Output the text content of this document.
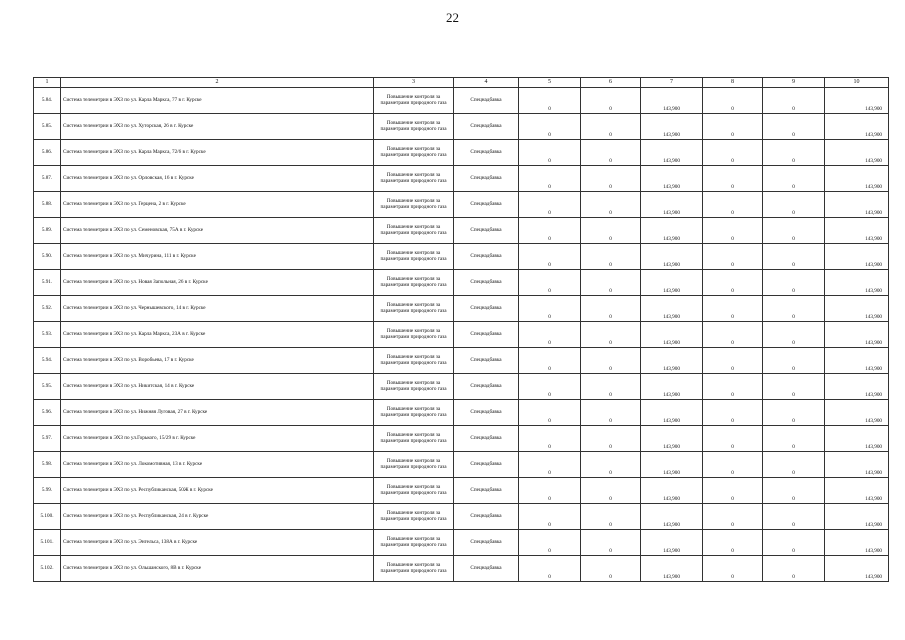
22
1	2	3	4	5	6	7	8	9	10
5.84.	Система телеметрии в ЭХЗ по ул. Карла Маркса, 77 в г. Курске	Повышение контроля за параметрами природного газа	Спецнадбавка	0	0	143,900	0	0	143,900
5.85.	Система телеметрии в ЭХЗ по ул. Хуторская, 26 в г. Курске	Повышение контроля за параметрами природного газа	Спецнадбавка	0	0	143,900	0	0	143,900
5.86.	Система телеметрии в ЭХЗ по ул. Карла Маркса, 72/6 в г. Курске	Повышение контроля за параметрами природного газа	Спецнадбавка	0	0	143,900	0	0	143,900
5.87.	Система телеметрии в ЭХЗ по ул. Орловская, 16 в г. Курске	Повышение контроля за параметрами природного газа	Спецнадбавка	0	0	143,900	0	0	143,900
5.88.	Система телеметрии в ЭХЗ по ул. Герцена, 2 в г. Курске	Повышение контроля за параметрами природного газа	Спецнадбавка	0	0	143,900	0	0	143,900
5.89.	Система телеметрии в ЭХЗ по ул. Семеновская, 75А в г. Курске	Повышение контроля за параметрами природного газа	Спецнадбавка	0	0	143,900	0	0	143,900
5.90.	Система телеметрии в ЭХЗ по ул. Мичурина, 111 в г. Курске	Повышение контроля за параметрами природного газа	Спецнадбавка	0	0	143,900	0	0	143,900
5.91.	Система телеметрии в ЭХЗ по ул. Новая Запольная, 26 в г. Курске	Повышение контроля за параметрами природного газа	Спецнадбавка	0	0	143,900	0	0	143,900
5.92.	Система телеметрии в ЭХЗ по ул. Чернышевского, 14 в г. Курске	Повышение контроля за параметрами природного газа	Спецнадбавка	0	0	143,900	0	0	143,900
5.93.	Система телеметрии в ЭХЗ по ул. Карла Маркса, 23А в г. Курске	Повышение контроля за параметрами природного газа	Спецнадбавка	0	0	143,900	0	0	143,900
5.94.	Система телеметрии в ЭХЗ по ул. Воробьева, 17 в г. Курске	Повышение контроля за параметрами природного газа	Спецнадбавка	0	0	143,900	0	0	143,900
5.95.	Система телеметрии в ЭХЗ по ул. Никитская, 14 в г. Курске	Повышение контроля за параметрами природного газа	Спецнадбавка	0	0	143,900	0	0	143,900
5.96.	Система телеметрии в ЭХЗ по ул. Нижняя Луговая, 27 в г. Курске	Повышение контроля за параметрами природного газа	Спецнадбавка	0	0	143,900	0	0	143,900
5.97.	Система телеметрии в ЭХЗ по ул.Горького, 15/29 в г. Курске	Повышение контроля за параметрами природного газа	Спецнадбавка	0	0	143,900	0	0	143,900
5.98.	Система телеметрии в ЭХЗ по ул. Локомотивная, 13 в г. Курске	Повышение контроля за параметрами природного газа	Спецнадбавка	0	0	143,900	0	0	143,900
5.99.	Система телеметрии в ЭХЗ по ул. Республиканская, 50Ж в г. Курске	Повышение контроля за параметрами природного газа	Спецнадбавка	0	0	143,900	0	0	143,900
5.100.	Система телеметрии в ЭХЗ по ул. Республиканская, 24 в г. Курске	Повышение контроля за параметрами природного газа	Спецнадбавка	0	0	143,900	0	0	143,900
5.101.	Система телеметрии в ЭХЗ по ул. Энгельса, 138А в г. Курске	Повышение контроля за параметрами природного газа	Спецнадбавка	0	0	143,900	0	0	143,900
5.102.	Система телеметрии в ЭХЗ по ул. Ольшанского, 8В в г. Курске	Повышение контроля за параметрами природного газа	Спецнадбавка	0	0	143,900	0	0	143,900
